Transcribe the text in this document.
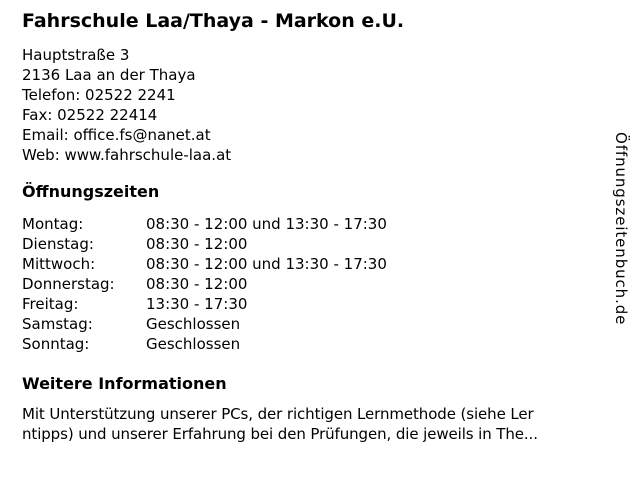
Fahrschule Laa/Thaya - Markon e.U.
Hauptstraße 3
2136 Laa an der Thaya
Telefon: 02522 2241
Fax: 02522 22414
Email: office.fs@nanet.at
Web: www.fahrschule-laa.at
Öffnungszeiten
Montag:	08:30 - 12:00 und 13:30 - 17:30
Dienstag:	08:30 - 12:00
Mittwoch:	08:30 - 12:00 und 13:30 - 17:30
Donnerstag:	08:30 - 12:00
Freitag:	13:30 - 17:30
Samstag:	Geschlossen
Sonntag:	Geschlossen
Weitere Informationen
Mit Unterstützung unserer PCs, der richtigen Lernmethode (siehe Ler
ntipps) und unserer Erfahrung bei den Prüfungen, die jeweils in The...
Öffnungszeitenbuch.de
